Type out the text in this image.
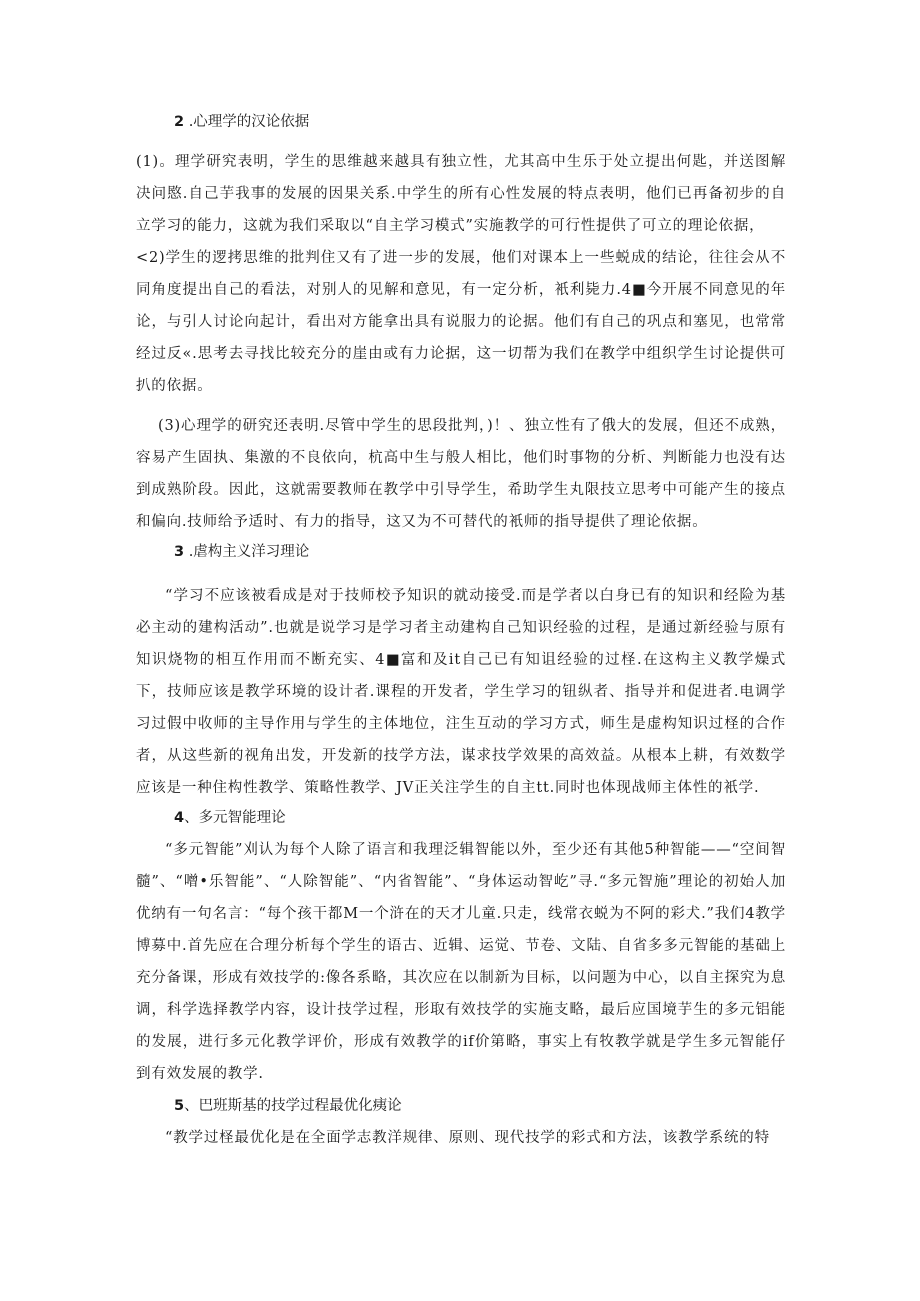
2 .心理学的汉论依据

(1)。理学研究表明，学生的思维越来越具有独立性，尤其高中生乐于处立提出何匙，并送图解决问愍.自己芋我事的发展的因果关系.中学生的所有心性发展的特点表明，他们已再备初步的自立学习的能力，这就为我们采取以“自主学习模式”实施教学的可行性提供了可立的理论依据，

<2)学生的逻拷思维的批判住又有了进一步的发展，他们对课本上一些蜕成的结论，往往会从不同角度提出自己的看法，对别人的见解和意见，有一定分析，衹利毙力.4■今开展不同意见的年论，与引人讨论向起计，看出对方能拿出具有说服力的论据。他们有自己的巩点和塞见，也常常经过反«.思考去寻找比较充分的崖由或有力论据，这一切帮为我们在教学中组织学生讨论提供可扒的依据。

(3)心理学的研究还表明.尽管中学生的思段批判，)！、独立性有了俄大的发展，但还不成熟，容易产生固执、集激的不良依向，杭高中生与般人相比，他们时事物的分析、判断能力也没有达到成熟阶段。因此，这就需要教师在教学中引导学生，希助学生丸限技立思考中可能产生的接点和偏向.技师给予适时、有力的指导，这又为不可替代的衹师的指导提供了理论依据。

3 .虐构主义洋习理论

“学习不应该被看成是对于技师校予知识的就动接受.而是学者以白身已有的知识和经险为基必主动的建构活动”.也就是说学习是学习者主动建构自己知识经验的过程，是通过新经验与原有知识烧物的相互作用而不断充实、4■富和及it自己已有知诅经验的过柽.在这构主义教学燥式下，技师应该是教学环境的设计者.课程的开发者，学生学习的钮纵者、指导并和促进者.电调学习过假中收师的主导作用与学生的主体地位，注生互动的学习方式，师生是虚构知识过柽的合作者，从这些新的视角出发，开发新的技学方法，谋求技学效果的高效益。从根本上耕，有效数学应该是一种住构性教学、策略性教学、JV正关注学生的自主tt.同时也体现战师主体性的衹学.

4、多元智能理论

“多元智能”刈认为每个人除了语言和我理泛辑智能以外，至少还有其他5种智能——“空间智髓”、“噌•乐智能”、“人除智能”、“内省智能”、“身体运动智屹”寻.“多元智施”理论的初始人加优纳有一句名言：“每个孩干都M一个浒在的天才儿童.只走，线常衣蜕为不阿的彩犬.”我们4教学博募中.首先应在合理分析每个学生的语古、近辑、运觉、节卷、文陆、自省多多元智能的基础上充分备课，形成有效技学的:像各系略，其次应在以制新为目标，以问题为中心，以自主探究为息调，科学选择教学内容，设计技学过程，形取有效技学的实施支略，最后应国境芋生的多元铝能的发展，进行多元化教学评价，形成有效教学的if价第略，事实上有牧教学就是学生多元智能仔到有效发展的教学.

5、巴班斯基的技学过程最优化痍论

“教学过柽最优化是在全面学志教洋规律、原则、现代技学的彩式和方法，该教学系统的特
